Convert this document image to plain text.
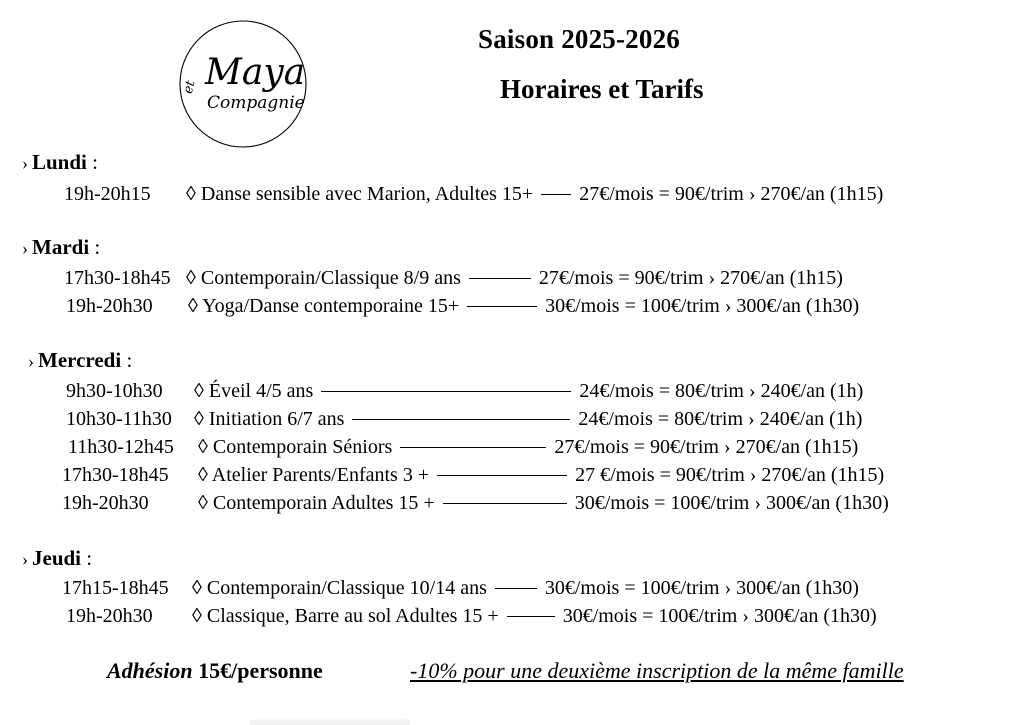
et Maya
Compagnie
Saison 2025-2026
Horaires et Tarifs
› Lundi :
19h-20h15	◊ Danse sensible avec Marion, Adultes 15+ 27€/mois = 90€/trim › 270€/an (1h15)
› Mardi :
17h30-18h45 ◊ Contemporain/Classique 8/9 ans	27€/mois = 90€/trim › 270€/an (1h15)
19h-20h30	◊ Yoga/Danse contemporaine 15+	30€/mois = 100€/trim › 300€/an (1h30)
› Mercredi :
9h30-10h30	◊ Éveil 4/5 ans	24€/mois = 80€/trim › 240€/an (1h)
10h30-11h30	◊ Initiation 6/7 ans	24€/mois = 80€/trim › 240€/an (1h)
11h30-12h45	◊ Contemporain Séniors	27€/mois = 90€/trim › 270€/an (1h15)
17h30-18h45	◊ Atelier Parents/Enfants 3 +	27 €/mois = 90€/trim › 270€/an (1h15)
19h-20h30	◊ Contemporain Adultes 15 +	30€/mois = 100€/trim › 300€/an (1h30)
› Jeudi :
17h15-18h45	◊ Contemporain/Classique 10/14 ans	30€/mois = 100€/trim › 300€/an (1h30)
19h-20h30	◊ Classique, Barre au sol Adultes 15 +	30€/mois = 100€/trim › 300€/an (1h30)
Adhésion 15€/personne	-10% pour une deuxième inscription de la même famille
